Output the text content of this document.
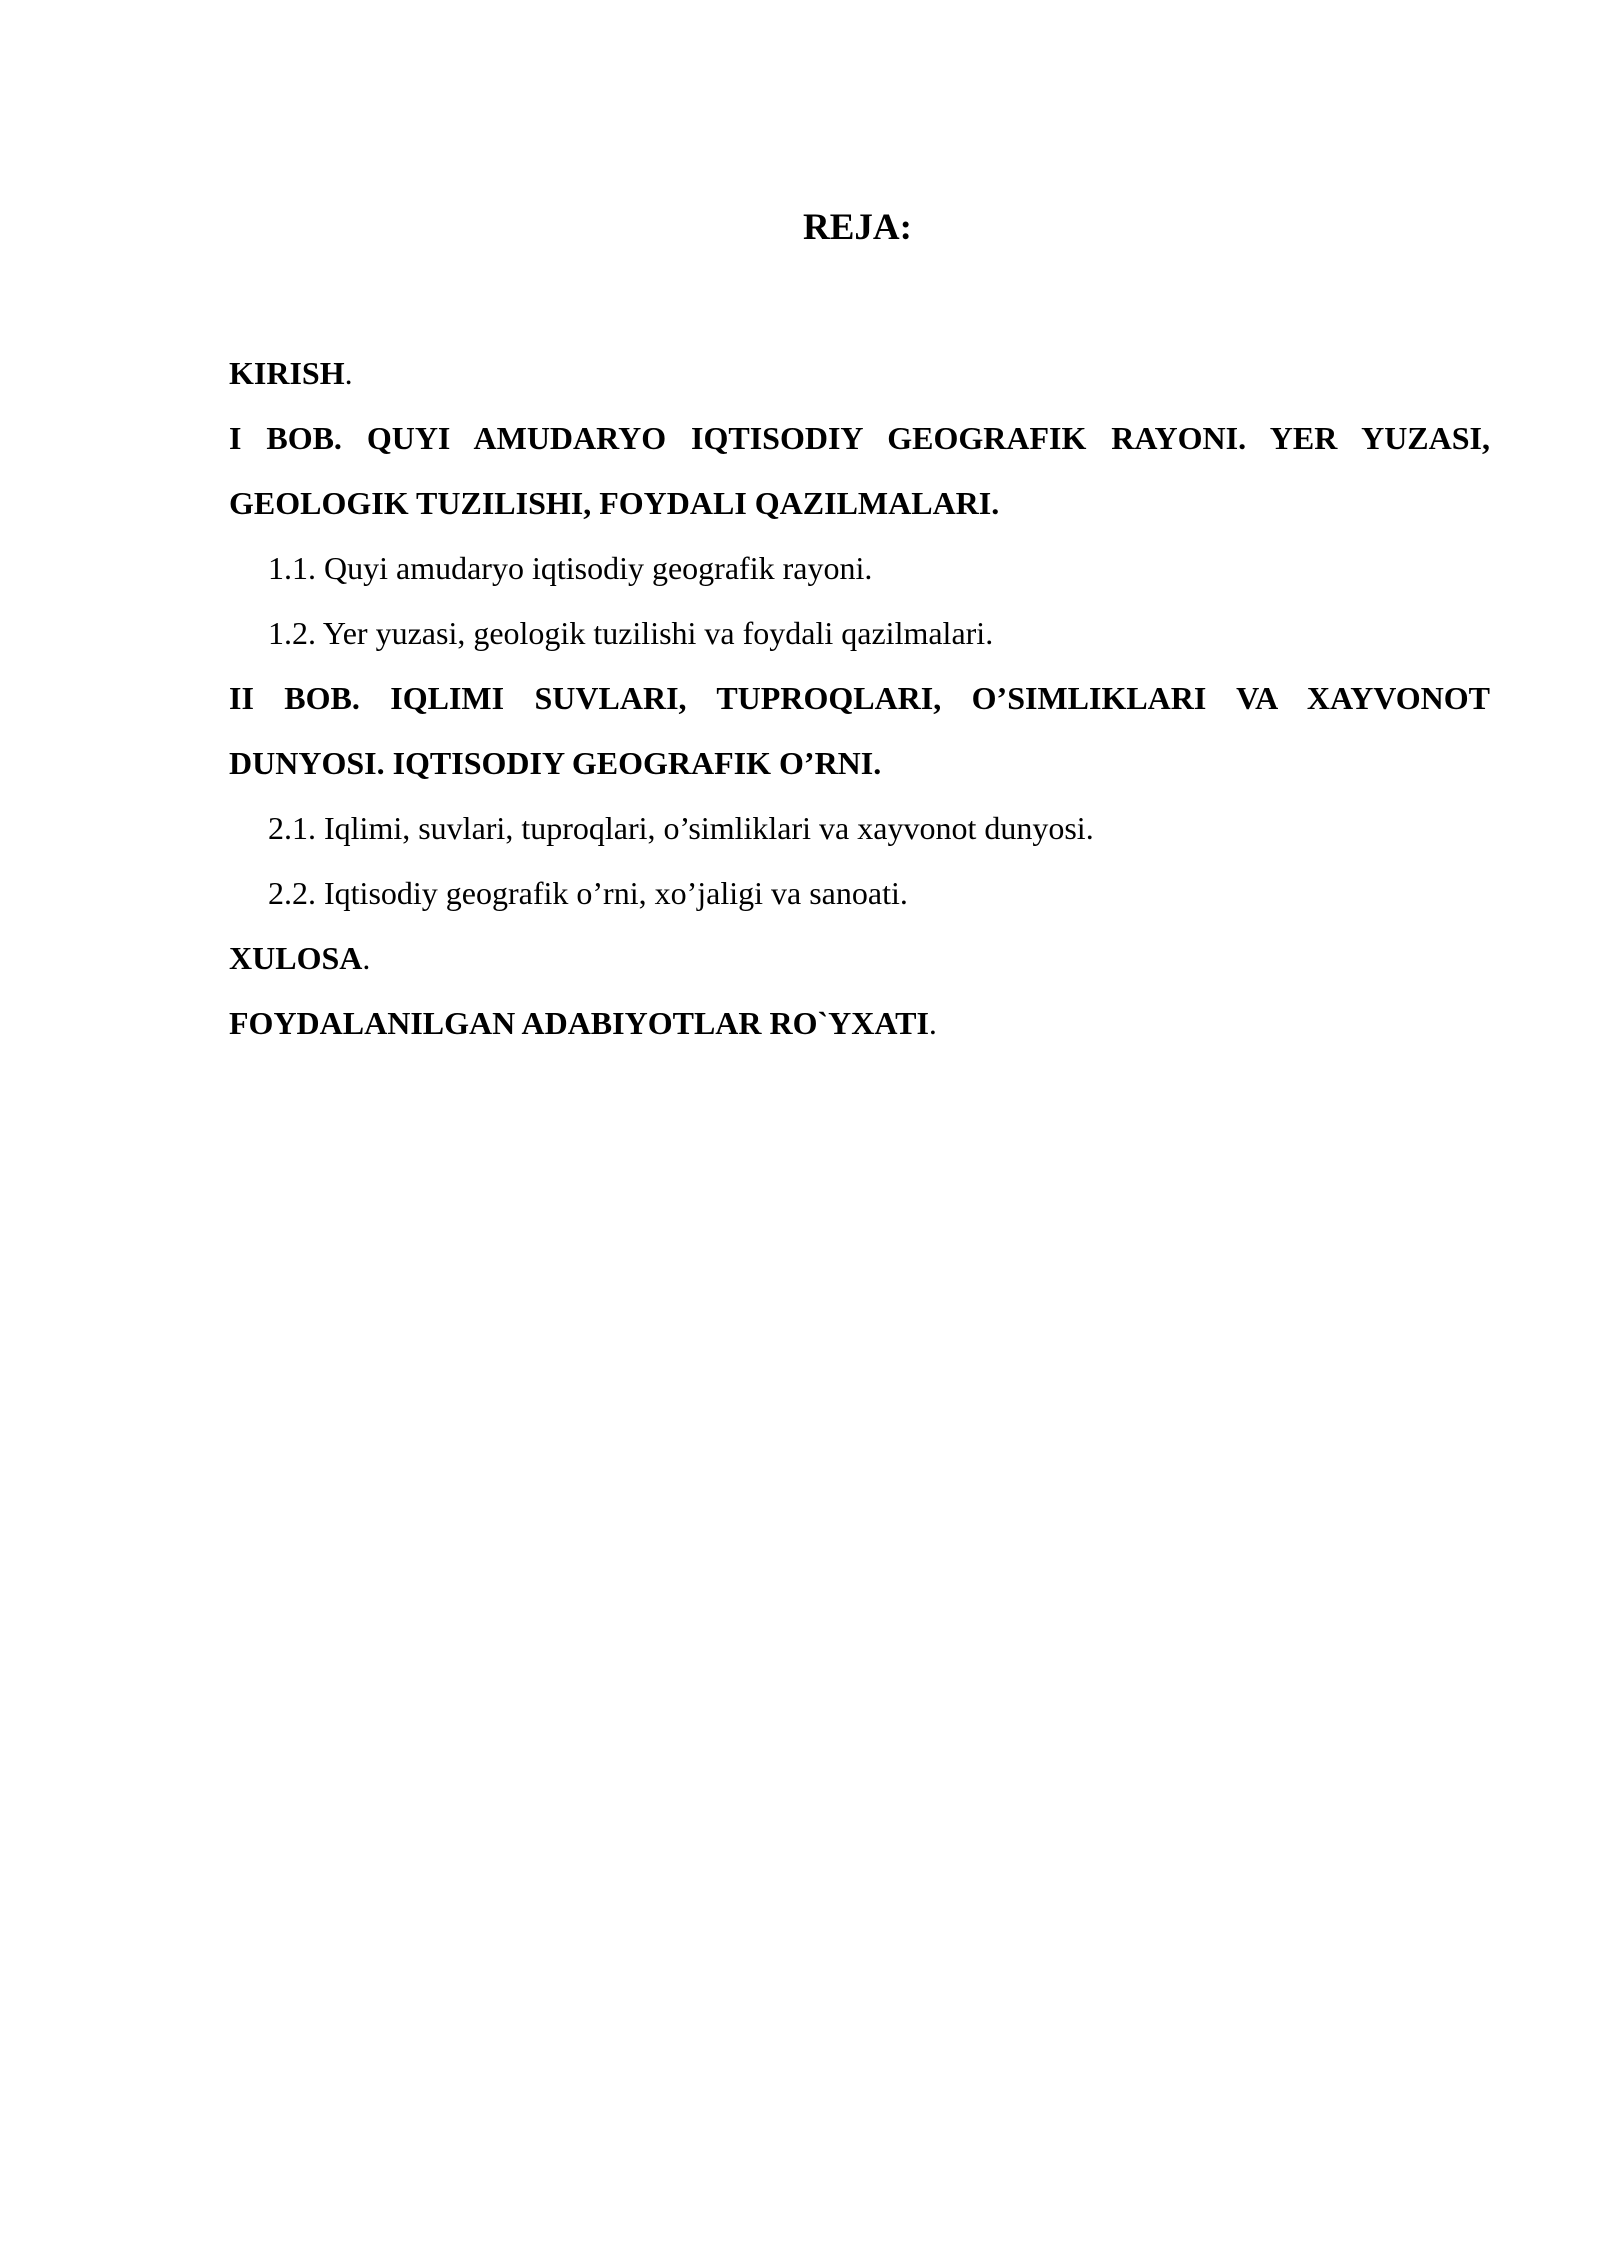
REJA:
KIRISH.
I BOB. QUYI AMUDARYO IQTISODIY GEOGRAFIK RAYONI. YER YUZASI, GEOLOGIK TUZILISHI, FOYDALI QAZILMALARI.
1.1. Quyi amudaryo iqtisodiy geografik rayoni.
1.2. Yer yuzasi, geologik tuzilishi va foydali qazilmalari.
II BOB. IQLIMI SUVLARI, TUPROQLARI, O’SIMLIKLARI VA XAYVONOT DUNYOSI. IQTISODIY GEOGRAFIK O’RNI.
2.1. Iqlimi, suvlari, tuproqlari, o’simliklari va xayvonot dunyosi.
2.2. Iqtisodiy geografik o’rni, xo’jaligi va sanoati.
XULOSA.
FOYDALANILGAN ADABIYOTLAR RO`YXATI.
